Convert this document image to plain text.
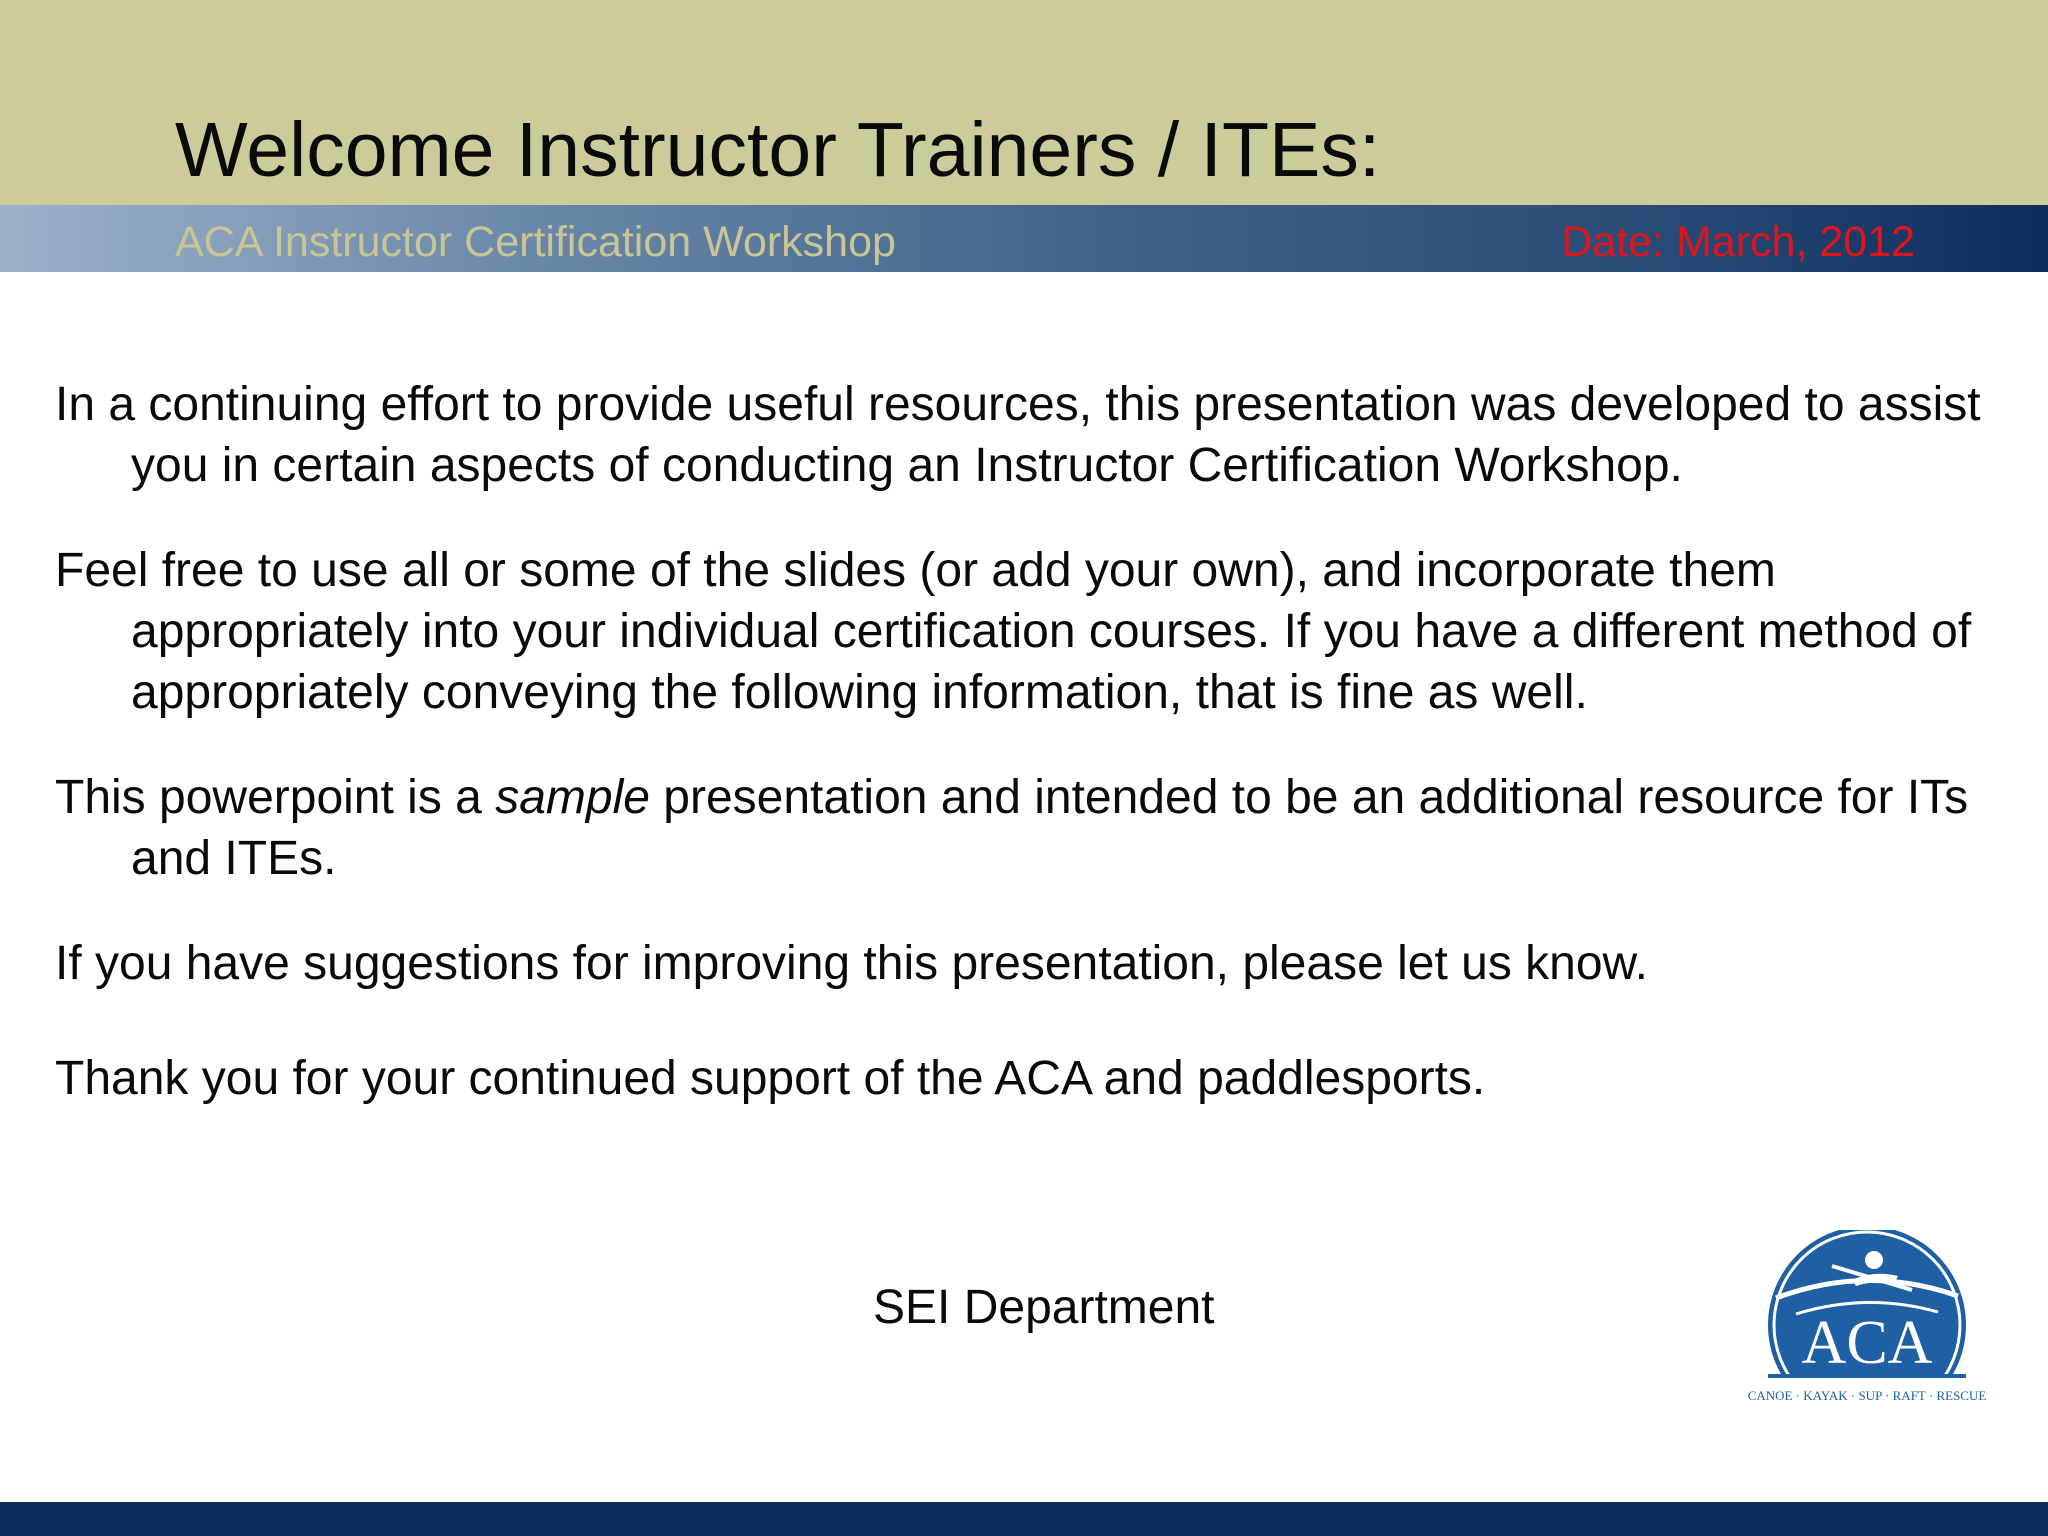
Welcome Instructor Trainers / ITEs:
ACA Instructor Certification Workshop	Date: March, 2012

In a continuing effort to provide useful resources, this presentation was developed to assist you in certain aspects of conducting an Instructor Certification Workshop.

Feel free to use all or some of the slides (or add your own), and incorporate them appropriately into your individual certification courses. If you have a different method of appropriately conveying the following information, that is fine as well.

This powerpoint is a sample presentation and intended to be an additional resource for ITs and ITEs.

If you have suggestions for improving this presentation, please let us know.

Thank you for your continued support of the ACA and paddlesports.

SEI Department
ACA
CANOE · KAYAK · SUP · RAFT · RESCUE
